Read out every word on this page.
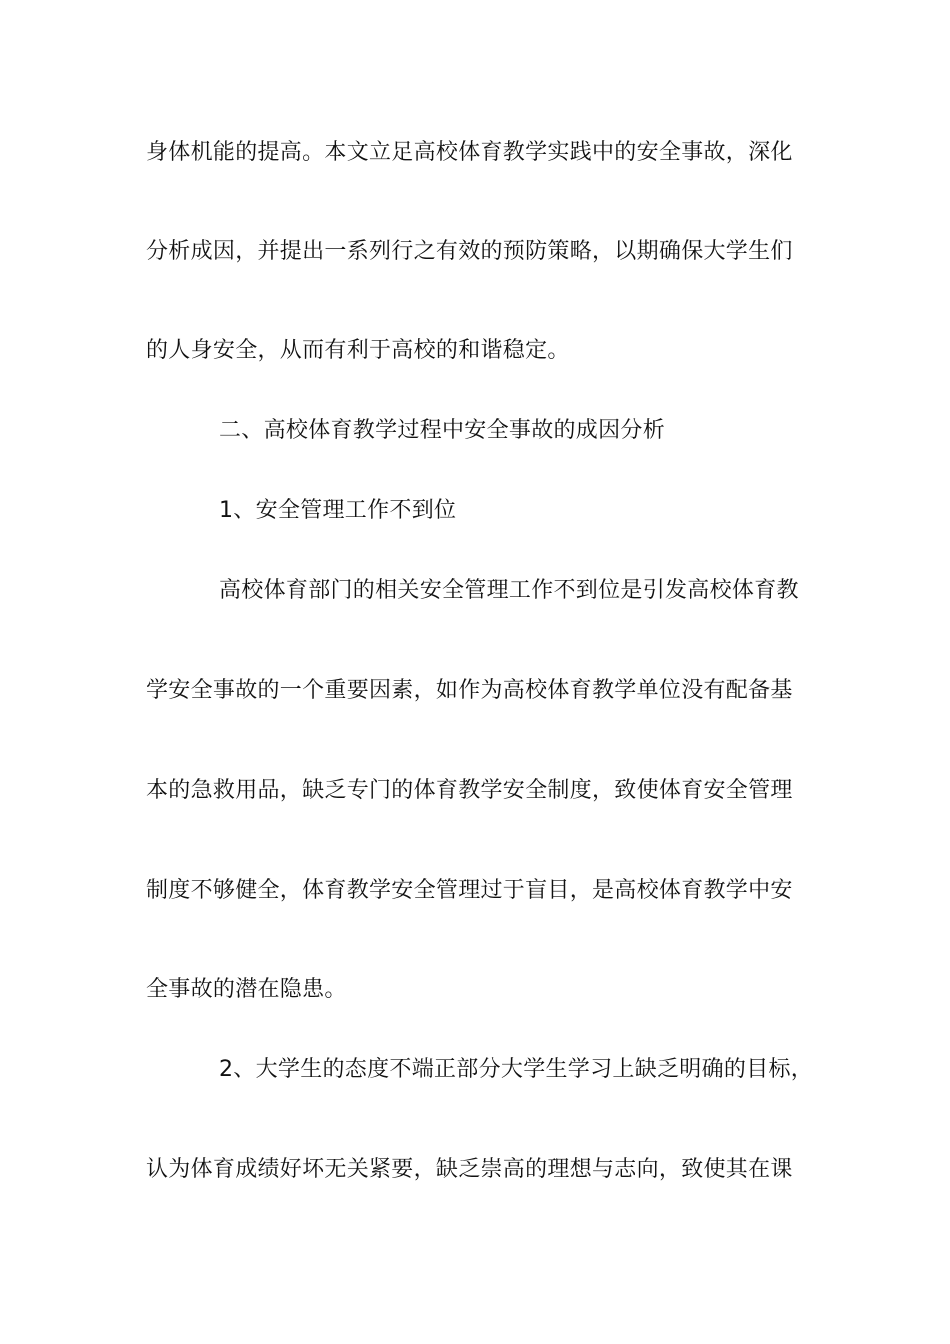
身体机能的提高。本文立足高校体育教学实践中的安全事故，深化
分析成因，并提出一系列行之有效的预防策略，以期确保大学生们
的人身安全，从而有利于高校的和谐稳定。
二、高校体育教学过程中安全事故的成因分析
1、安全管理工作不到位
高校体育部门的相关安全管理工作不到位是引发高校体育教
学安全事故的一个重要因素，如作为高校体育教学单位没有配备基
本的急救用品，缺乏专门的体育教学安全制度，致使体育安全管理
制度不够健全，体育教学安全管理过于盲目，是高校体育教学中安
全事故的潜在隐患。
2、大学生的态度不端正部分大学生学习上缺乏明确的目标，
认为体育成绩好坏无关紧要，缺乏崇高的理想与志向，致使其在课
